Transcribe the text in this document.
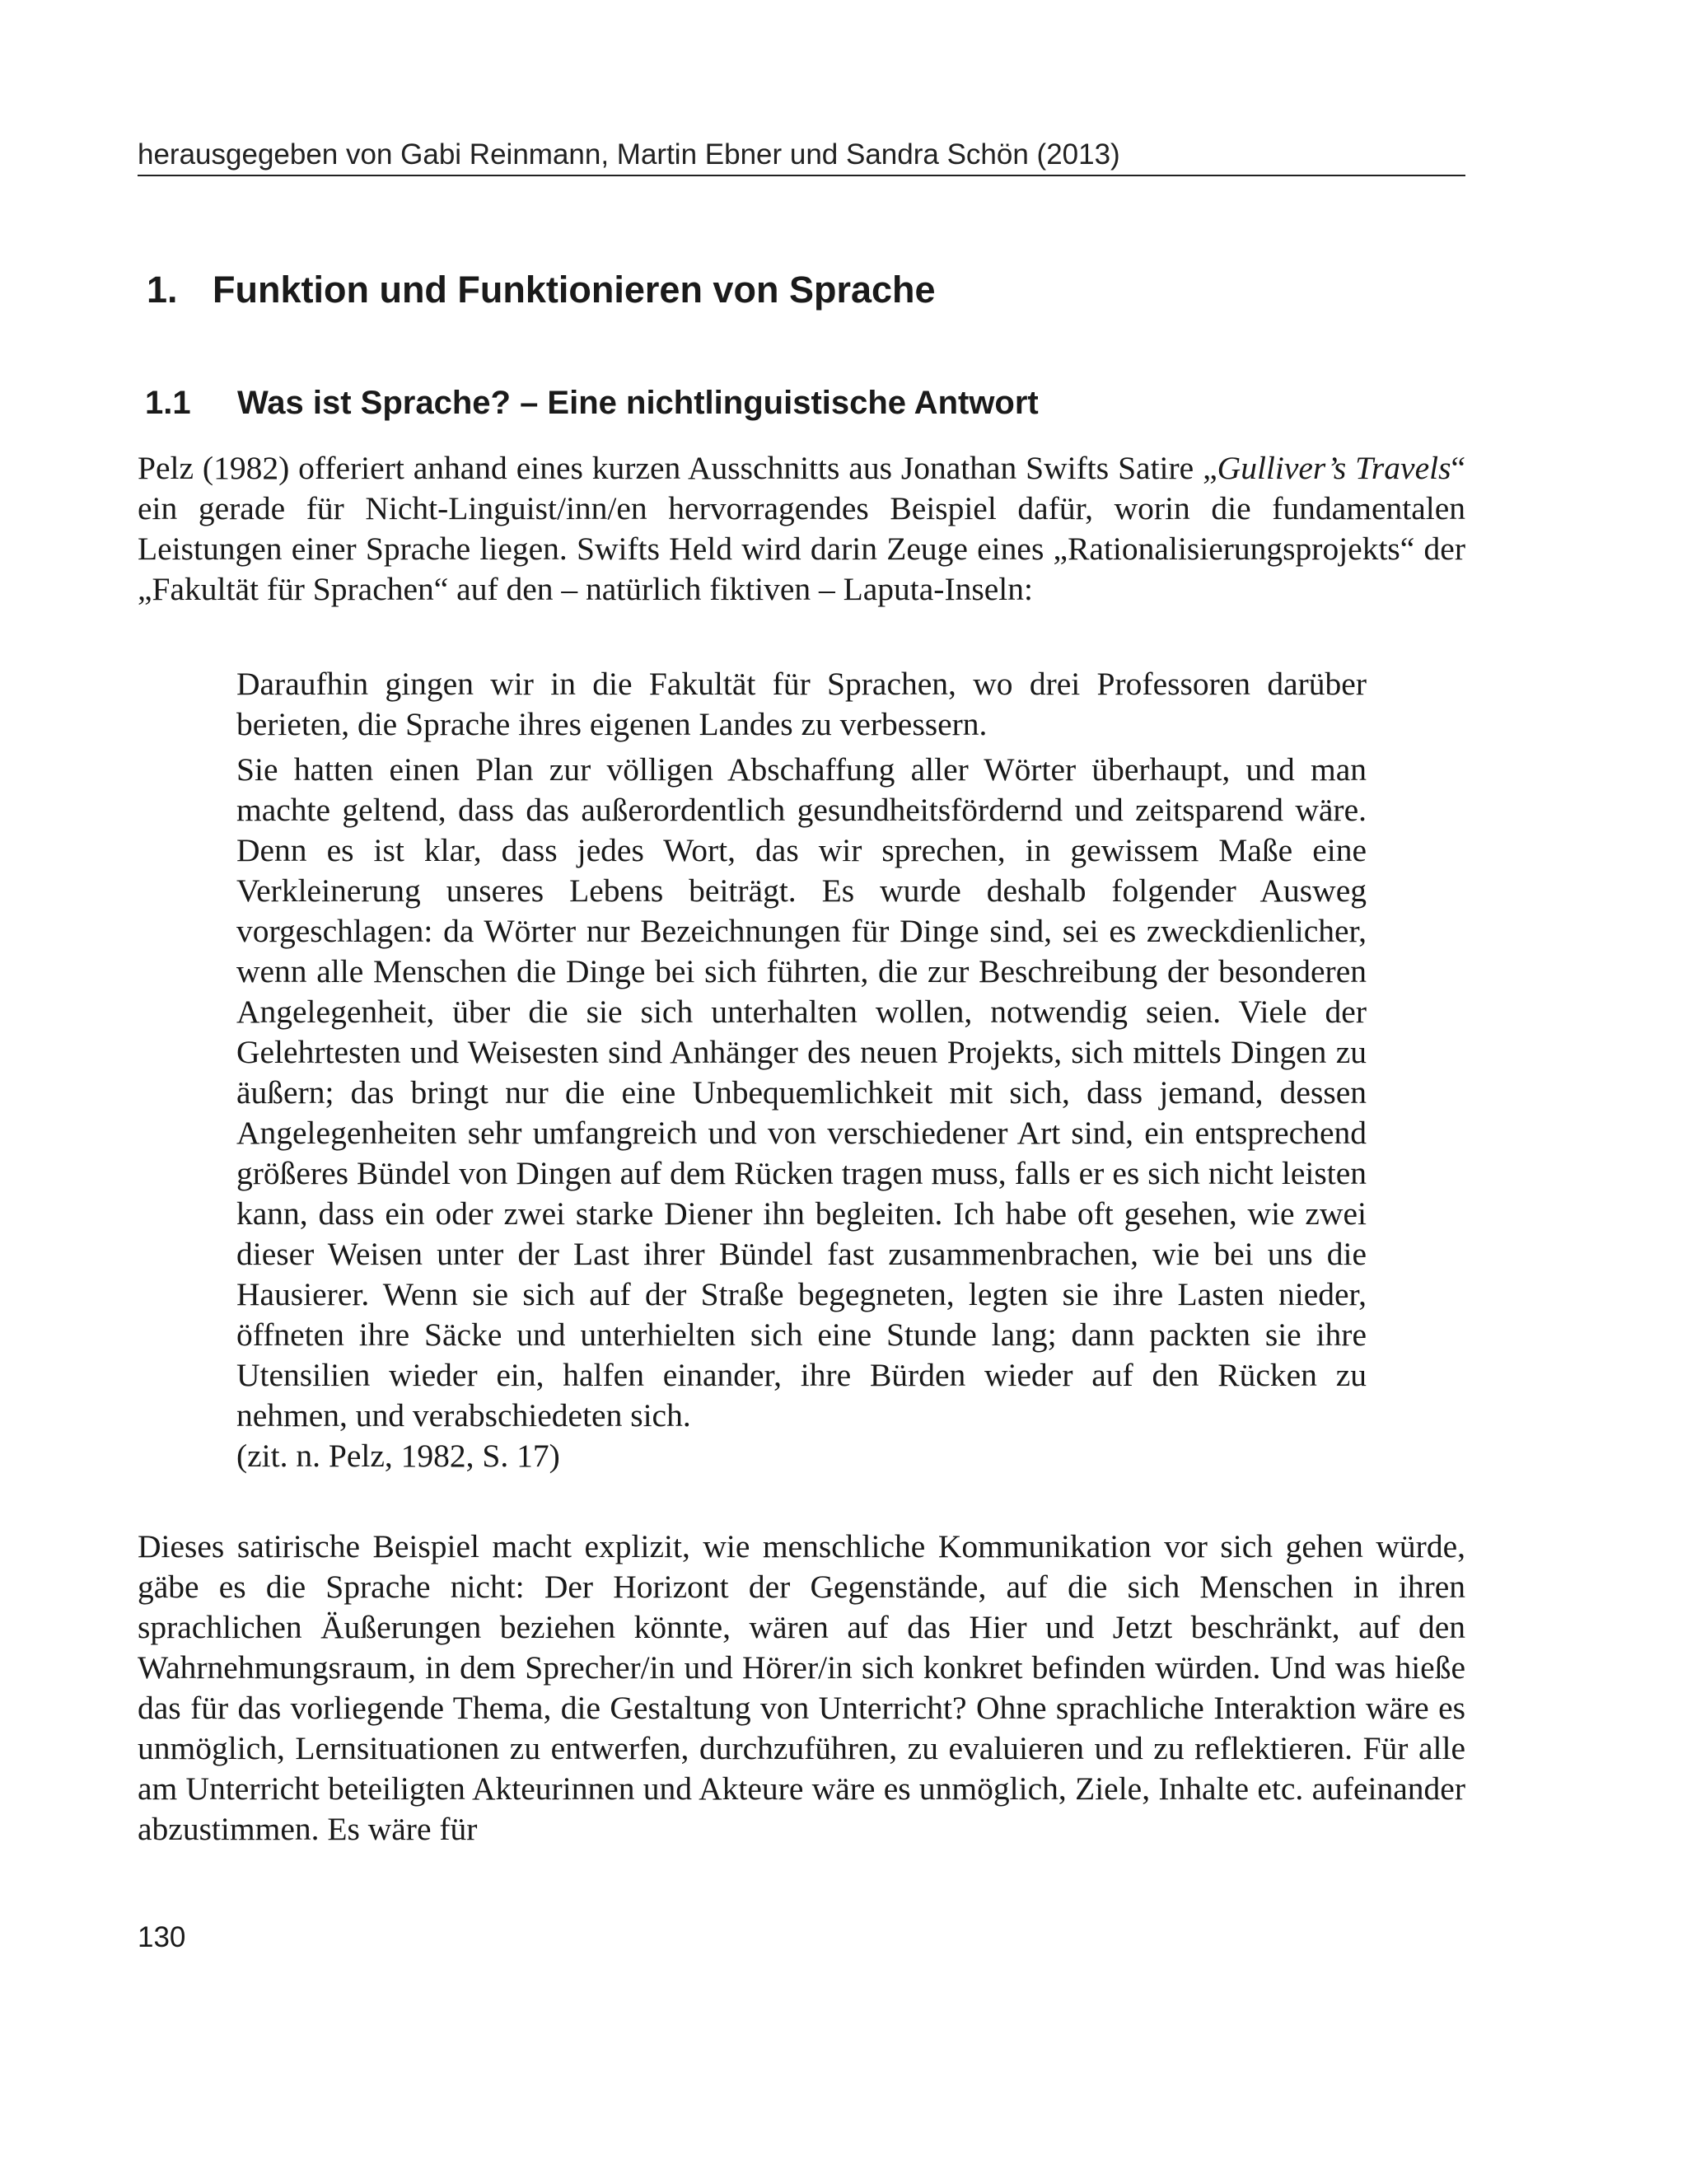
herausgegeben von Gabi Reinmann, Martin Ebner und Sandra Schön (2013)
1. Funktion und Funktionieren von Sprache
1.1 Was ist Sprache? – Eine nichtlinguistische Antwort
Pelz (1982) offeriert anhand eines kurzen Ausschnitts aus Jonathan Swifts Satire „Gulliver’s Travels“ ein gerade für Nicht-Linguist/inn/en hervorragendes Beispiel dafür, worin die fundamentalen Leistungen einer Sprache liegen. Swifts Held wird darin Zeuge eines „Rationalisierungsprojekts“ der „Fakultät für Sprachen“ auf den – natürlich fiktiven – Laputa-Inseln:
Daraufhin gingen wir in die Fakultät für Sprachen, wo drei Professoren darüber berieten, die Sprache ihres eigenen Landes zu verbessern.
Sie hatten einen Plan zur völligen Abschaffung aller Wörter überhaupt, und man machte geltend, dass das außerordentlich gesundheitsfördernd und zeitsparend wäre. Denn es ist klar, dass jedes Wort, das wir sprechen, in gewissem Maße eine Verkleinerung unseres Lebens beiträgt. Es wurde deshalb folgender Ausweg vorgeschlagen: da Wörter nur Bezeichnungen für Dinge sind, sei es zweckdienlicher, wenn alle Menschen die Dinge bei sich führten, die zur Beschreibung der besonderen Angelegenheit, über die sie sich unterhalten wollen, notwendig seien. Viele der Gelehrtesten und Weisesten sind Anhänger des neuen Projekts, sich mittels Dingen zu äußern; das bringt nur die eine Unbequemlichkeit mit sich, dass jemand, dessen Angelegenheiten sehr umfangreich und von verschiedener Art sind, ein entsprechend größeres Bündel von Dingen auf dem Rücken tragen muss, falls er es sich nicht leisten kann, dass ein oder zwei starke Diener ihn begleiten. Ich habe oft gesehen, wie zwei dieser Weisen unter der Last ihrer Bündel fast zusammenbrachen, wie bei uns die Hausierer. Wenn sie sich auf der Straße begegneten, legten sie ihre Lasten nieder, öffneten ihre Säcke und unterhielten sich eine Stunde lang; dann packten sie ihre Utensilien wieder ein, halfen einander, ihre Bürden wieder auf den Rücken zu nehmen, und verabschiedeten sich.
(zit. n. Pelz, 1982, S. 17)
Dieses satirische Beispiel macht explizit, wie menschliche Kommunikation vor sich gehen würde, gäbe es die Sprache nicht: Der Horizont der Gegenstände, auf die sich Menschen in ihren sprachlichen Äußerungen beziehen könnte, wären auf das Hier und Jetzt beschränkt, auf den Wahrnehmungsraum, in dem Sprecher/in und Hörer/in sich konkret befinden würden. Und was hieße das für das vorliegende Thema, die Gestaltung von Unterricht? Ohne sprachliche Interaktion wäre es unmöglich, Lernsituationen zu entwerfen, durchzuführen, zu evaluieren und zu reflektieren. Für alle am Unterricht beteiligten Akteurinnen und Akteure wäre es unmöglich, Ziele, Inhalte etc. aufeinander abzustimmen. Es wäre für
130
